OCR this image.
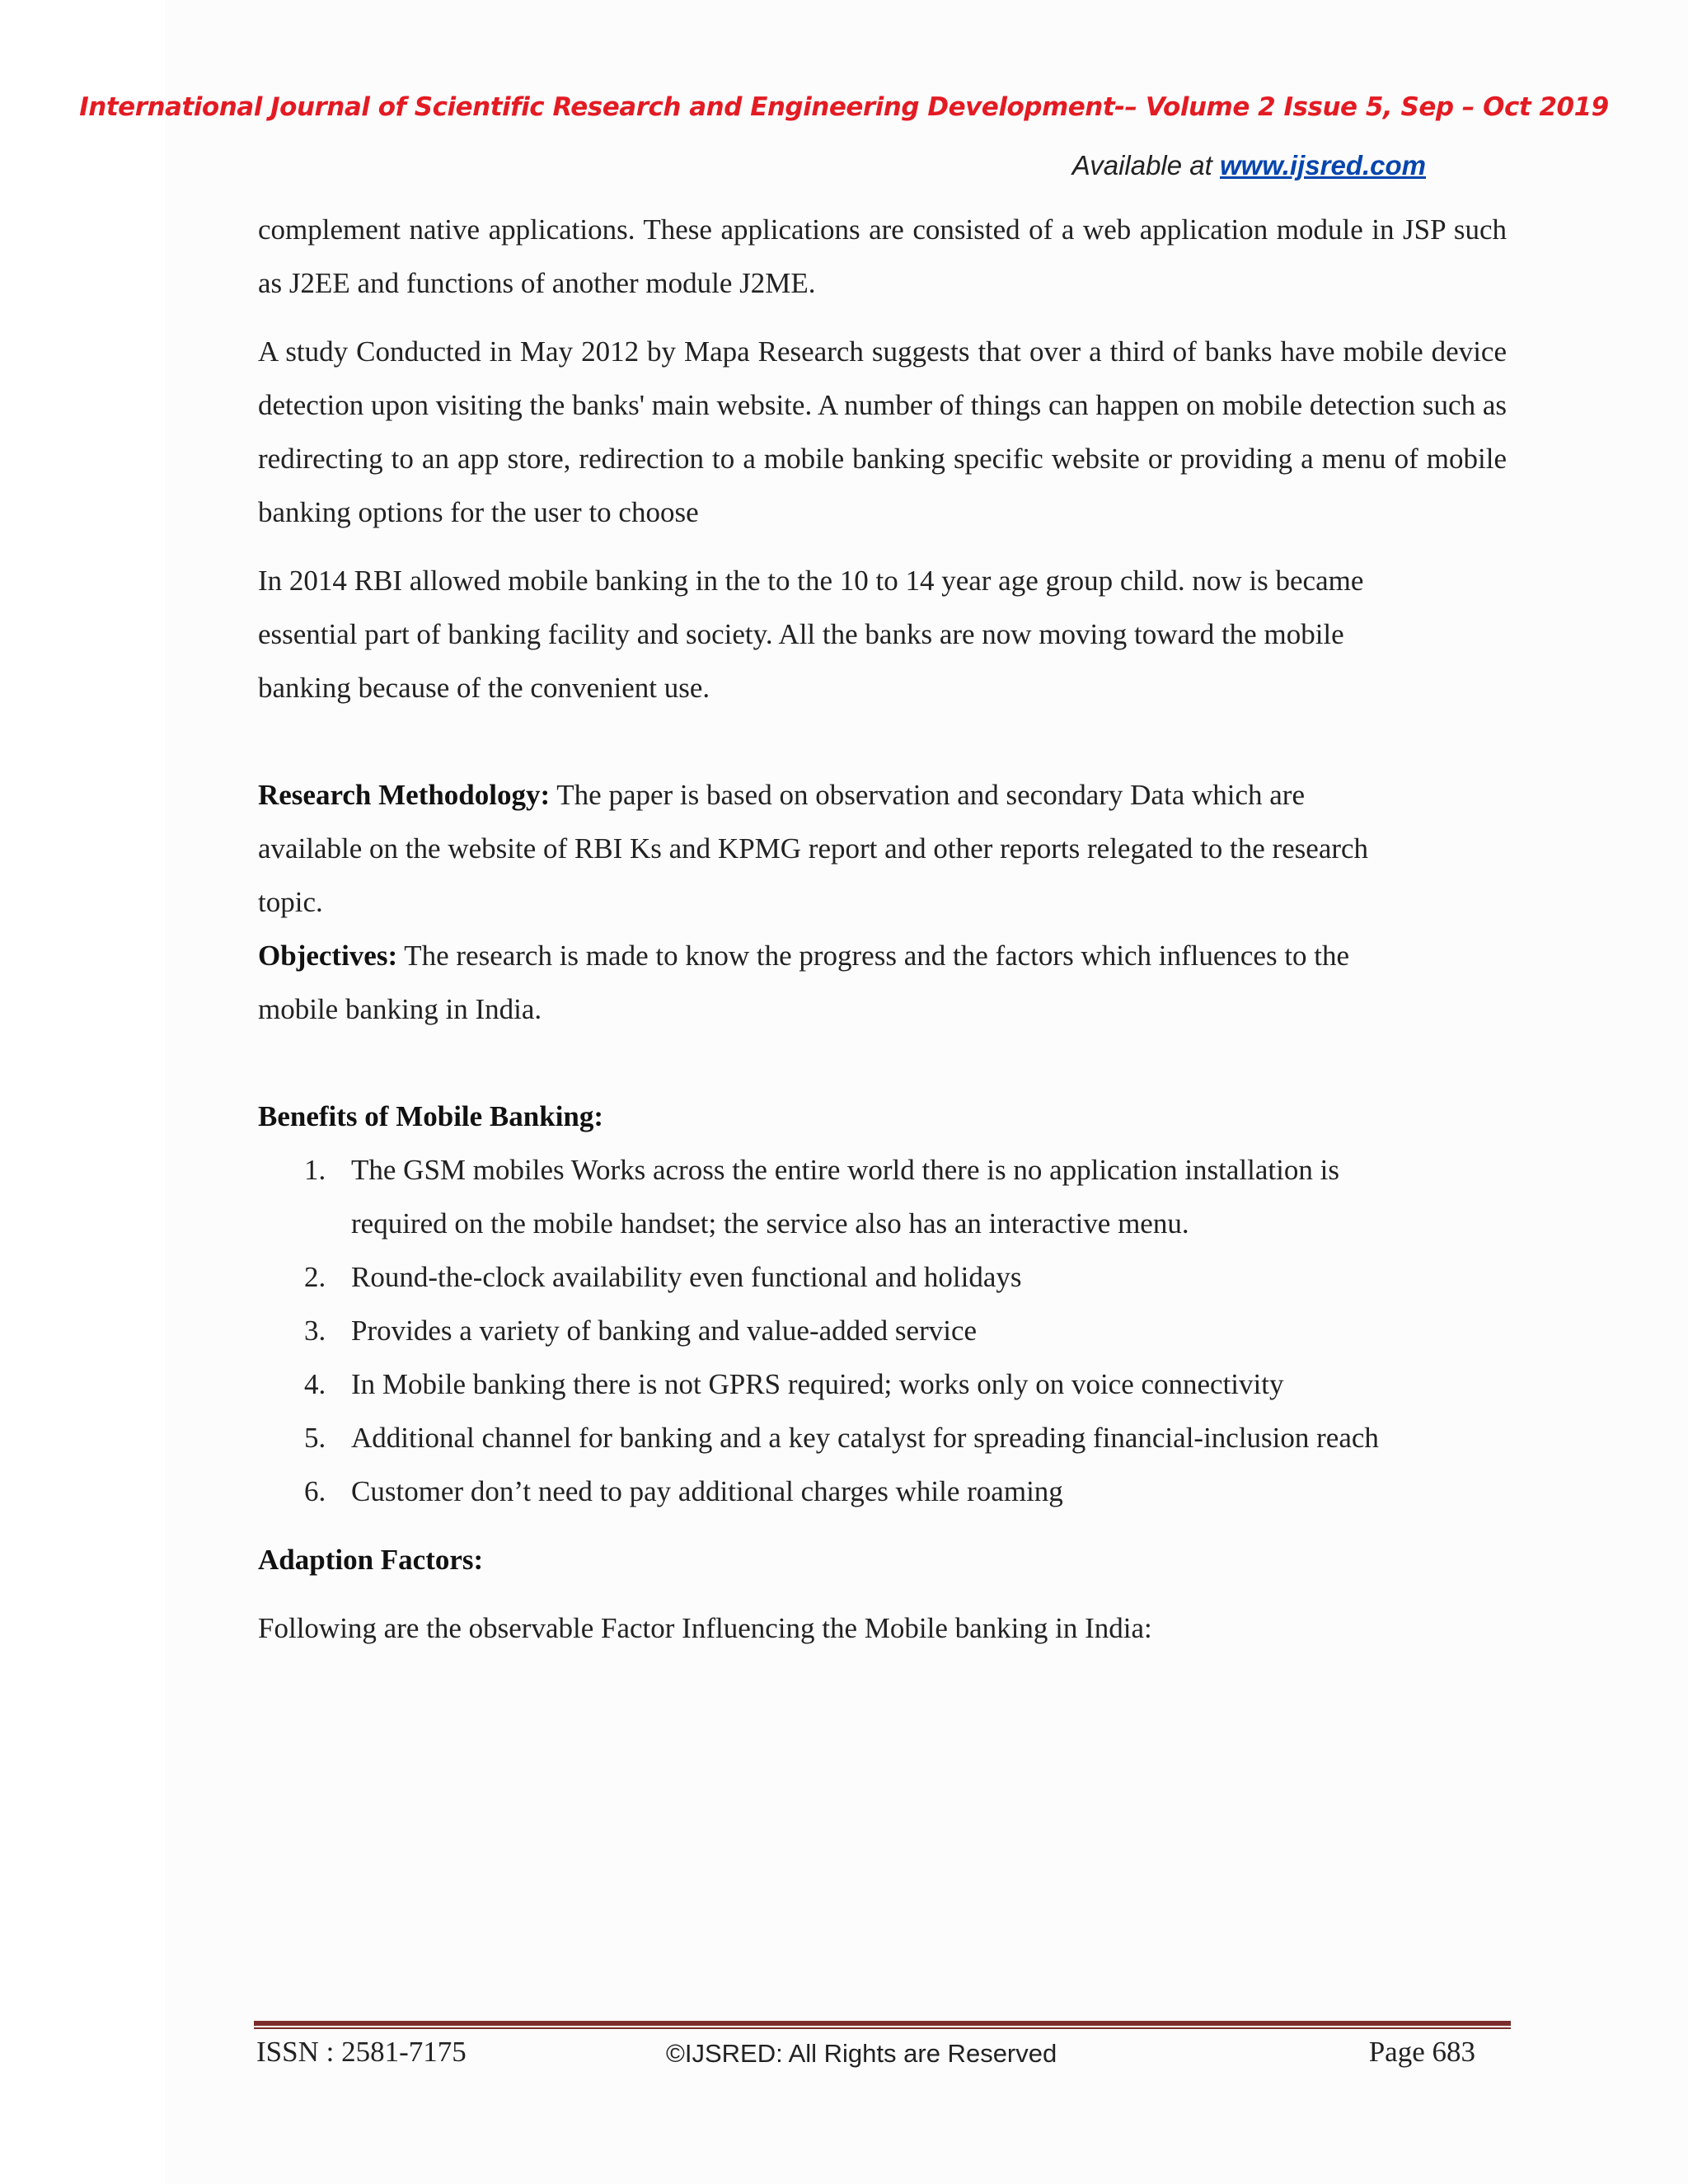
International Journal of Scientific Research and Engineering Development-– Volume 2 Issue 5, Sep – Oct 2019
Available at www.ijsred.com

complement native applications. These applications are consisted of a web application module in JSP such as J2EE and functions of another module J2ME.

A study Conducted in May 2012 by Mapa Research suggests that over a third of banks have mobile device detection upon visiting the banks' main website. A number of things can happen on mobile detection such as redirecting to an app store, redirection to a mobile banking specific website or providing a menu of mobile banking options for the user to choose

In 2014 RBI allowed mobile banking in the to the 10 to 14 year age group child. now is became
essential part of banking facility and society. All the banks are now moving toward the mobile
banking because of the convenient use.
Research Methodology: The paper is based on observation and secondary Data which are
available on the website of RBI Ks and KPMG report and other reports relegated to the research
topic.
Objectives: The research is made to know the progress and the factors which influences to the
mobile banking in India.
Benefits of Mobile Banking:
1. The GSM mobiles Works across the entire world there is no application installation is
required on the mobile handset; the service also has an interactive menu.
2. Round-the-clock availability even functional and holidays
3. Provides a variety of banking and value-added service
4. In Mobile banking there is not GPRS required; works only on voice connectivity
5. Additional channel for banking and a key catalyst for spreading financial-inclusion reach
6. Customer don’t need to pay additional charges while roaming
Adaption Factors:

Following are the observable Factor Influencing the Mobile banking in India:

ISSN : 2581-7175	©IJSRED: All Rights are Reserved	Page 683
